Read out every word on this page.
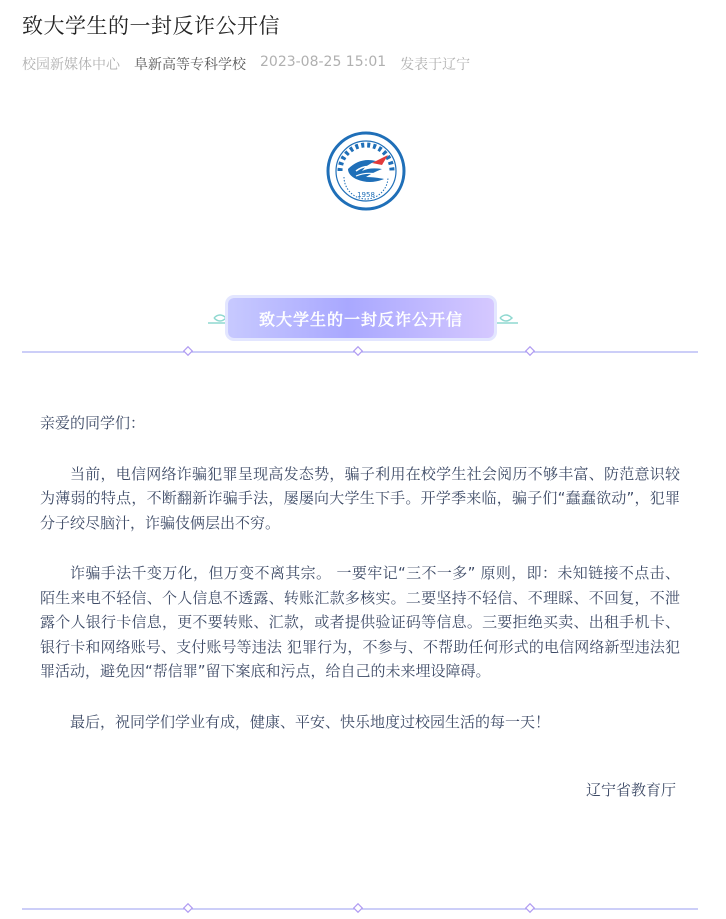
致大学生的一封反诈公开信
校园新媒体中心 阜新高等专科学校 2023-08-25 15:01 发表于辽宁
1958
致大学生的一封反诈公开信

亲爱的同学们：

当前，电信网络诈骗犯罪呈现高发态势，骗子利用在校学生社会阅历不够丰富、防范意识较为薄弱的特点，不断翻新诈骗手法，屡屡向大学生下手。开学季来临，骗子们“蠢蠢欲动”，犯罪分子绞尽脑汁，诈骗伎俩层出不穷。

诈骗手法千变万化，但万变不离其宗。 一要牢记“三不一多” 原则，即：未知链接不点击、陌生来电不轻信、个人信息不透露、转账汇款多核实。二要坚持不轻信、不理睬、不回复，不泄露个人银行卡信息，更不要转账、汇款，或者提供验证码等信息。三要拒绝买卖、出租手机卡、银行卡和网络账号、支付账号等违法 犯罪行为，不参与、不帮助任何形式的电信网络新型违法犯罪活动，避免因“帮信罪”留下案底和污点，给自己的未来埋设障碍。

最后，祝同学们学业有成，健康、平安、快乐地度过校园生活的每一天！

辽宁省教育厅
